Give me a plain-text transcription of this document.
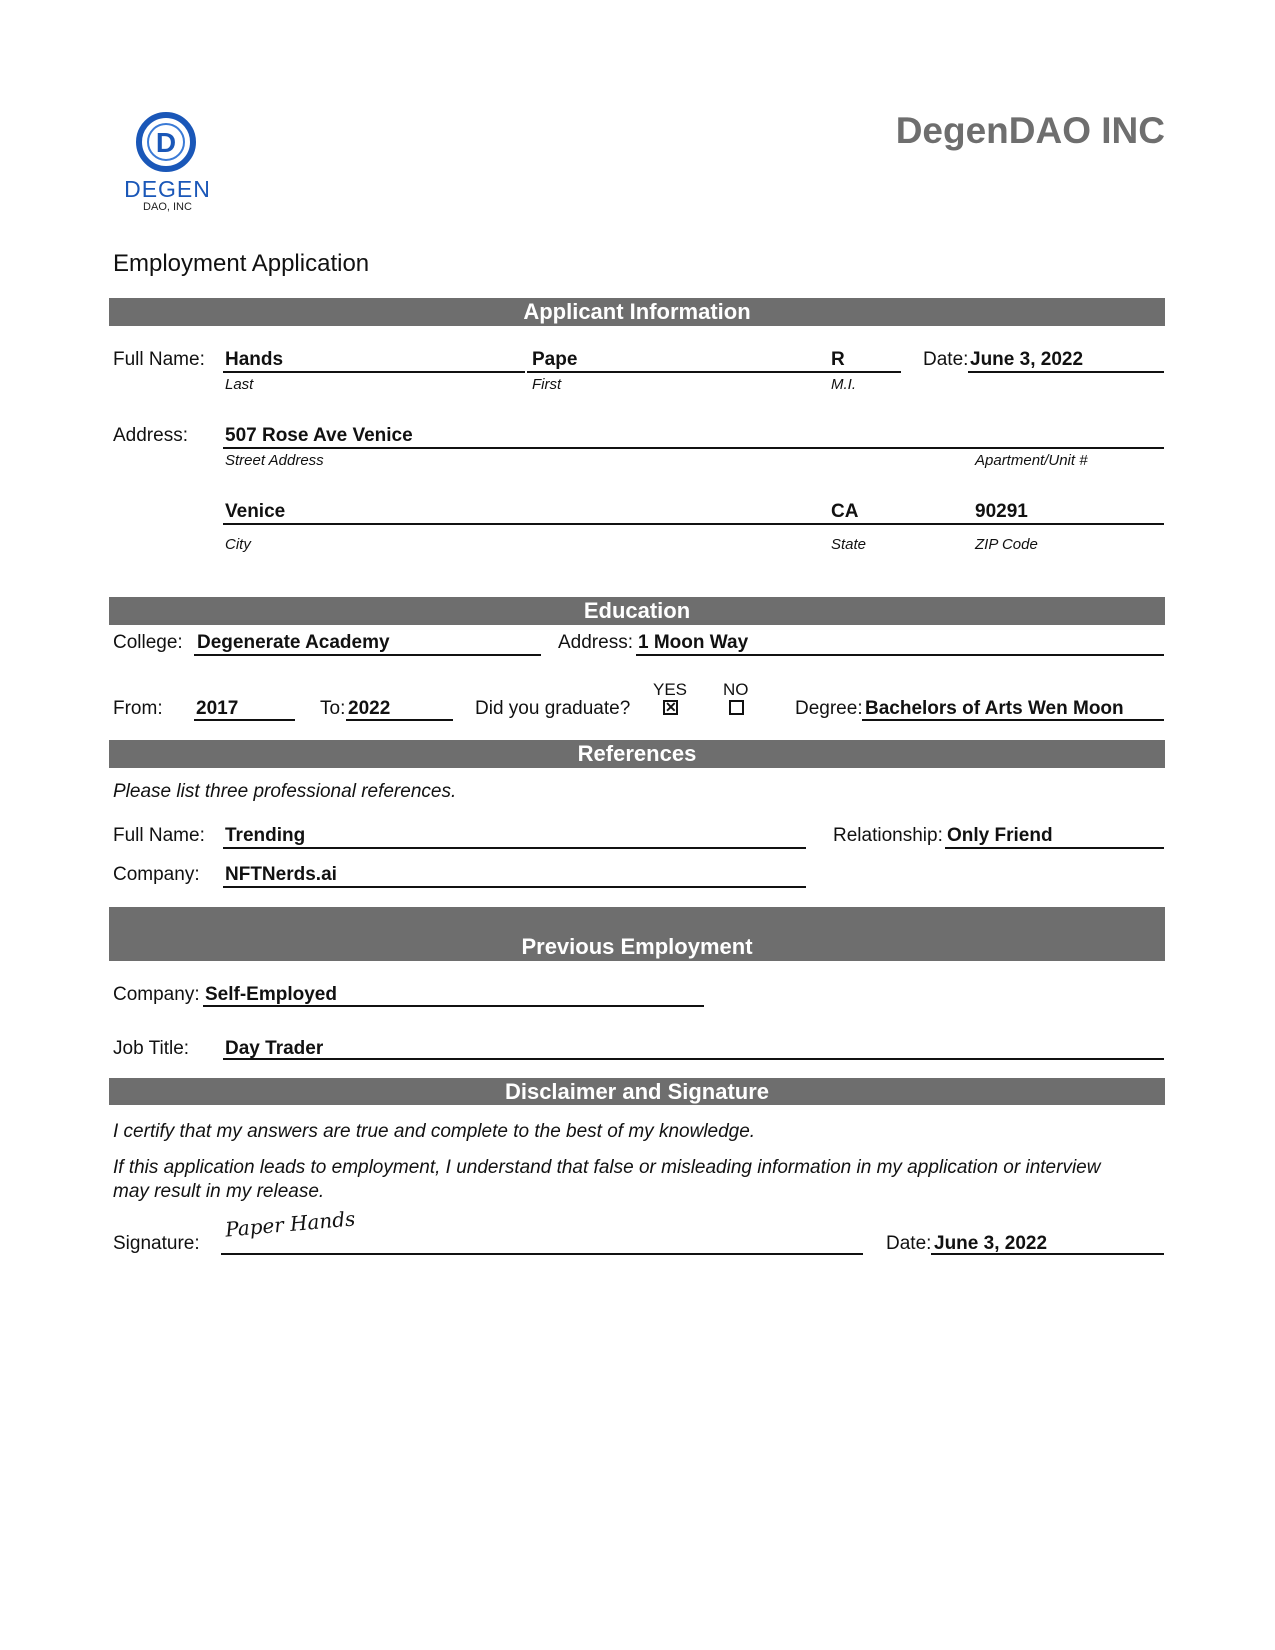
D
DEGEN
DAO, INC
DegenDAO INC
Employment Application
Applicant Information
Full Name: Hands	Pape	R	Date: June 3, 2022
Last	First	M.I.
Address: 507 Rose Ave Venice
Street Address	Apartment/Unit #
Venice	CA	90291
City	State	ZIP Code
Education
College: Degenerate Academy	Address: 1 Moon Way
YES NO
From: 2017	To: 2022	Did you graduate? ✕	Degree: Bachelors of Arts Wen Moon
References
Please list three professional references.
Full Name: Trending	Relationship: Only Friend
Company: NFTNerds.ai
Previous Employment
Company: Self-Employed
Job Title: Day Trader
Disclaimer and Signature
I certify that my answers are true and complete to the best of my knowledge.
If this application leads to employment, I understand that false or misleading information in my application or interview may result in my release.
Signature:
Paper Hands
Date: June 3, 2022
